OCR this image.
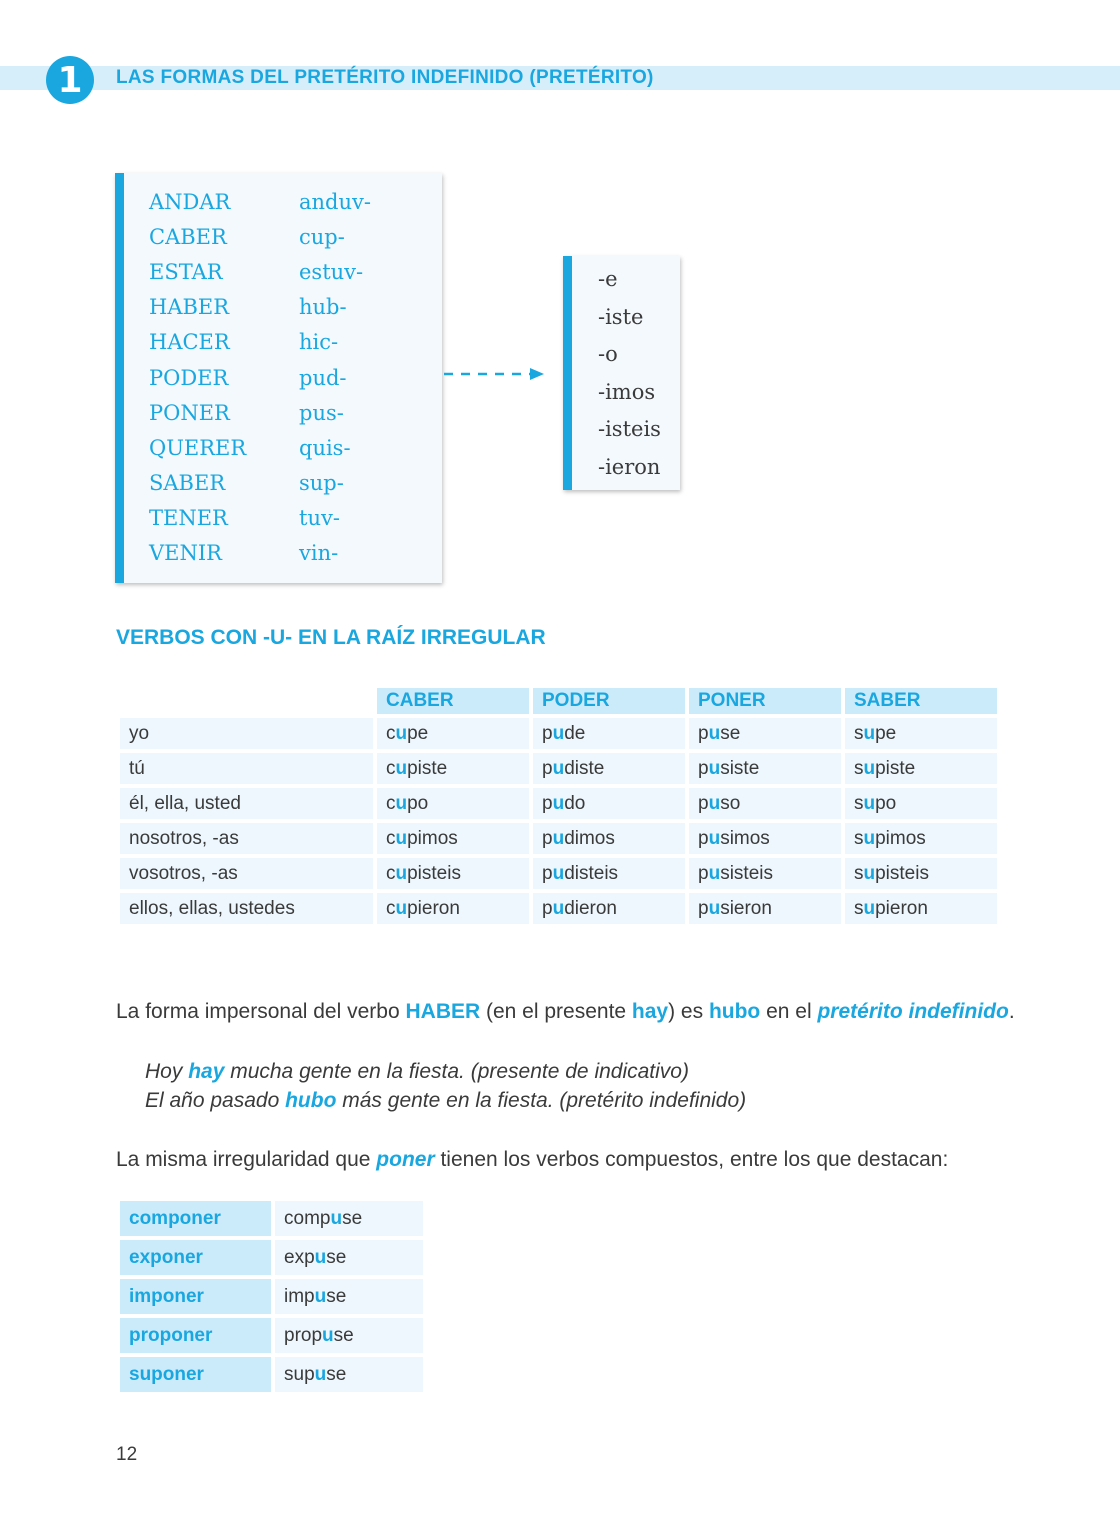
1	LAS FORMAS DEL PRETÉRITO INDEFINIDO (PRETÉRITO)
ANDAR	anduv-
CABER	cup-
ESTAR	estuv-
HABER	hub-
HACER	hic-
PODER	pud-
PONER	pus-
QUERER	quis-
SABER	sup-
TENER	tuv-
VENIR	vin-
-e
-iste
-o
-imos
-isteis
-ieron
VERBOS CON -U- EN LA RAÍZ IRREGULAR
	CABER	PODER	PONER	SABER
yo	cupe	pude	puse	supe
tú	cupiste	pudiste	pusiste	supiste
él, ella, usted	cupo	pudo	puso	supo
nosotros, -as	cupimos	pudimos	pusimos	supimos
vosotros, -as	cupisteis	pudisteis	pusisteis	supisteis
ellos, ellas, ustedes	cupieron	pudieron	pusieron	supieron
La forma impersonal del verbo HABER (en el presente hay) es hubo en el pretérito indefinido.
Hoy hay mucha gente en la fiesta. (presente de indicativo)
El año pasado hubo más gente en la fiesta. (pretérito indefinido)
La misma irregularidad que poner tienen los verbos compuestos, entre los que destacan:
componer	compuse
exponer	expuse
imponer	impuse
proponer	propuse
suponer	supuse
12
